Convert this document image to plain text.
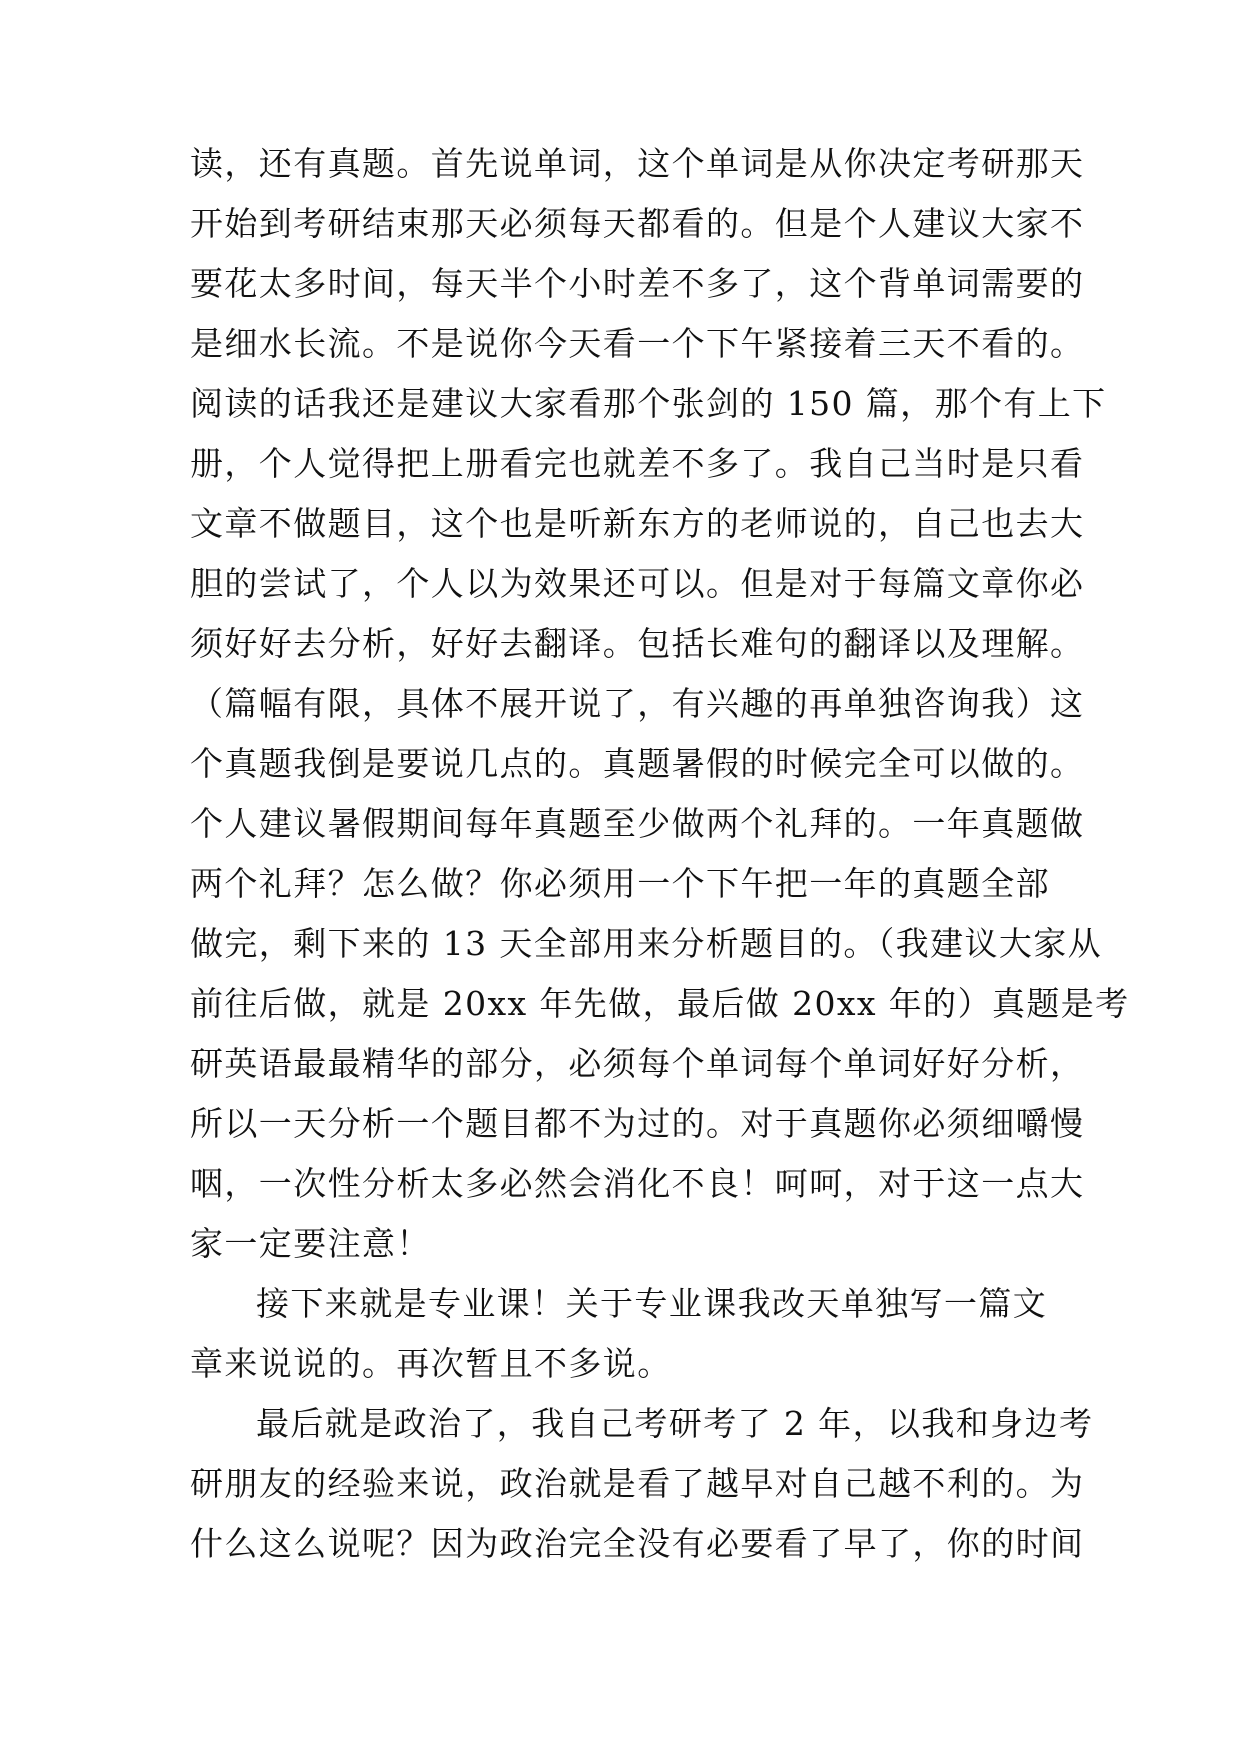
读，还有真题。首先说单词，这个单词是从你决定考研那天
开始到考研结束那天必须每天都看的。但是个人建议大家不
要花太多时间，每天半个小时差不多了，这个背单词需要的
是细水长流。不是说你今天看一个下午紧接着三天不看的。
阅读的话我还是建议大家看那个张剑的 150 篇，那个有上下
册，个人觉得把上册看完也就差不多了。我自己当时是只看
文章不做题目，这个也是听新东方的老师说的，自己也去大
胆的尝试了，个人以为效果还可以。但是对于每篇文章你必
须好好去分析，好好去翻译。包括长难句的翻译以及理解。
（篇幅有限，具体不展开说了，有兴趣的再单独咨询我）这
个真题我倒是要说几点的。真题暑假的时候完全可以做的。
个人建议暑假期间每年真题至少做两个礼拜的。一年真题做
两个礼拜？怎么做？你必须用一个下午把一年的真题全部
做完，剩下来的 13 天全部用来分析题目的。（我建议大家从
前往后做，就是 20xx 年先做，最后做 20xx 年的）真题是考
研英语最最精华的部分，必须每个单词每个单词好好分析，
所以一天分析一个题目都不为过的。对于真题你必须细嚼慢
咽，一次性分析太多必然会消化不良！呵呵，对于这一点大
家一定要注意！
接下来就是专业课！关于专业课我改天单独写一篇文
章来说说的。再次暂且不多说。
最后就是政治了，我自己考研考了 2 年，以我和身边考
研朋友的经验来说，政治就是看了越早对自己越不利的。为
什么这么说呢？因为政治完全没有必要看了早了，你的时间
